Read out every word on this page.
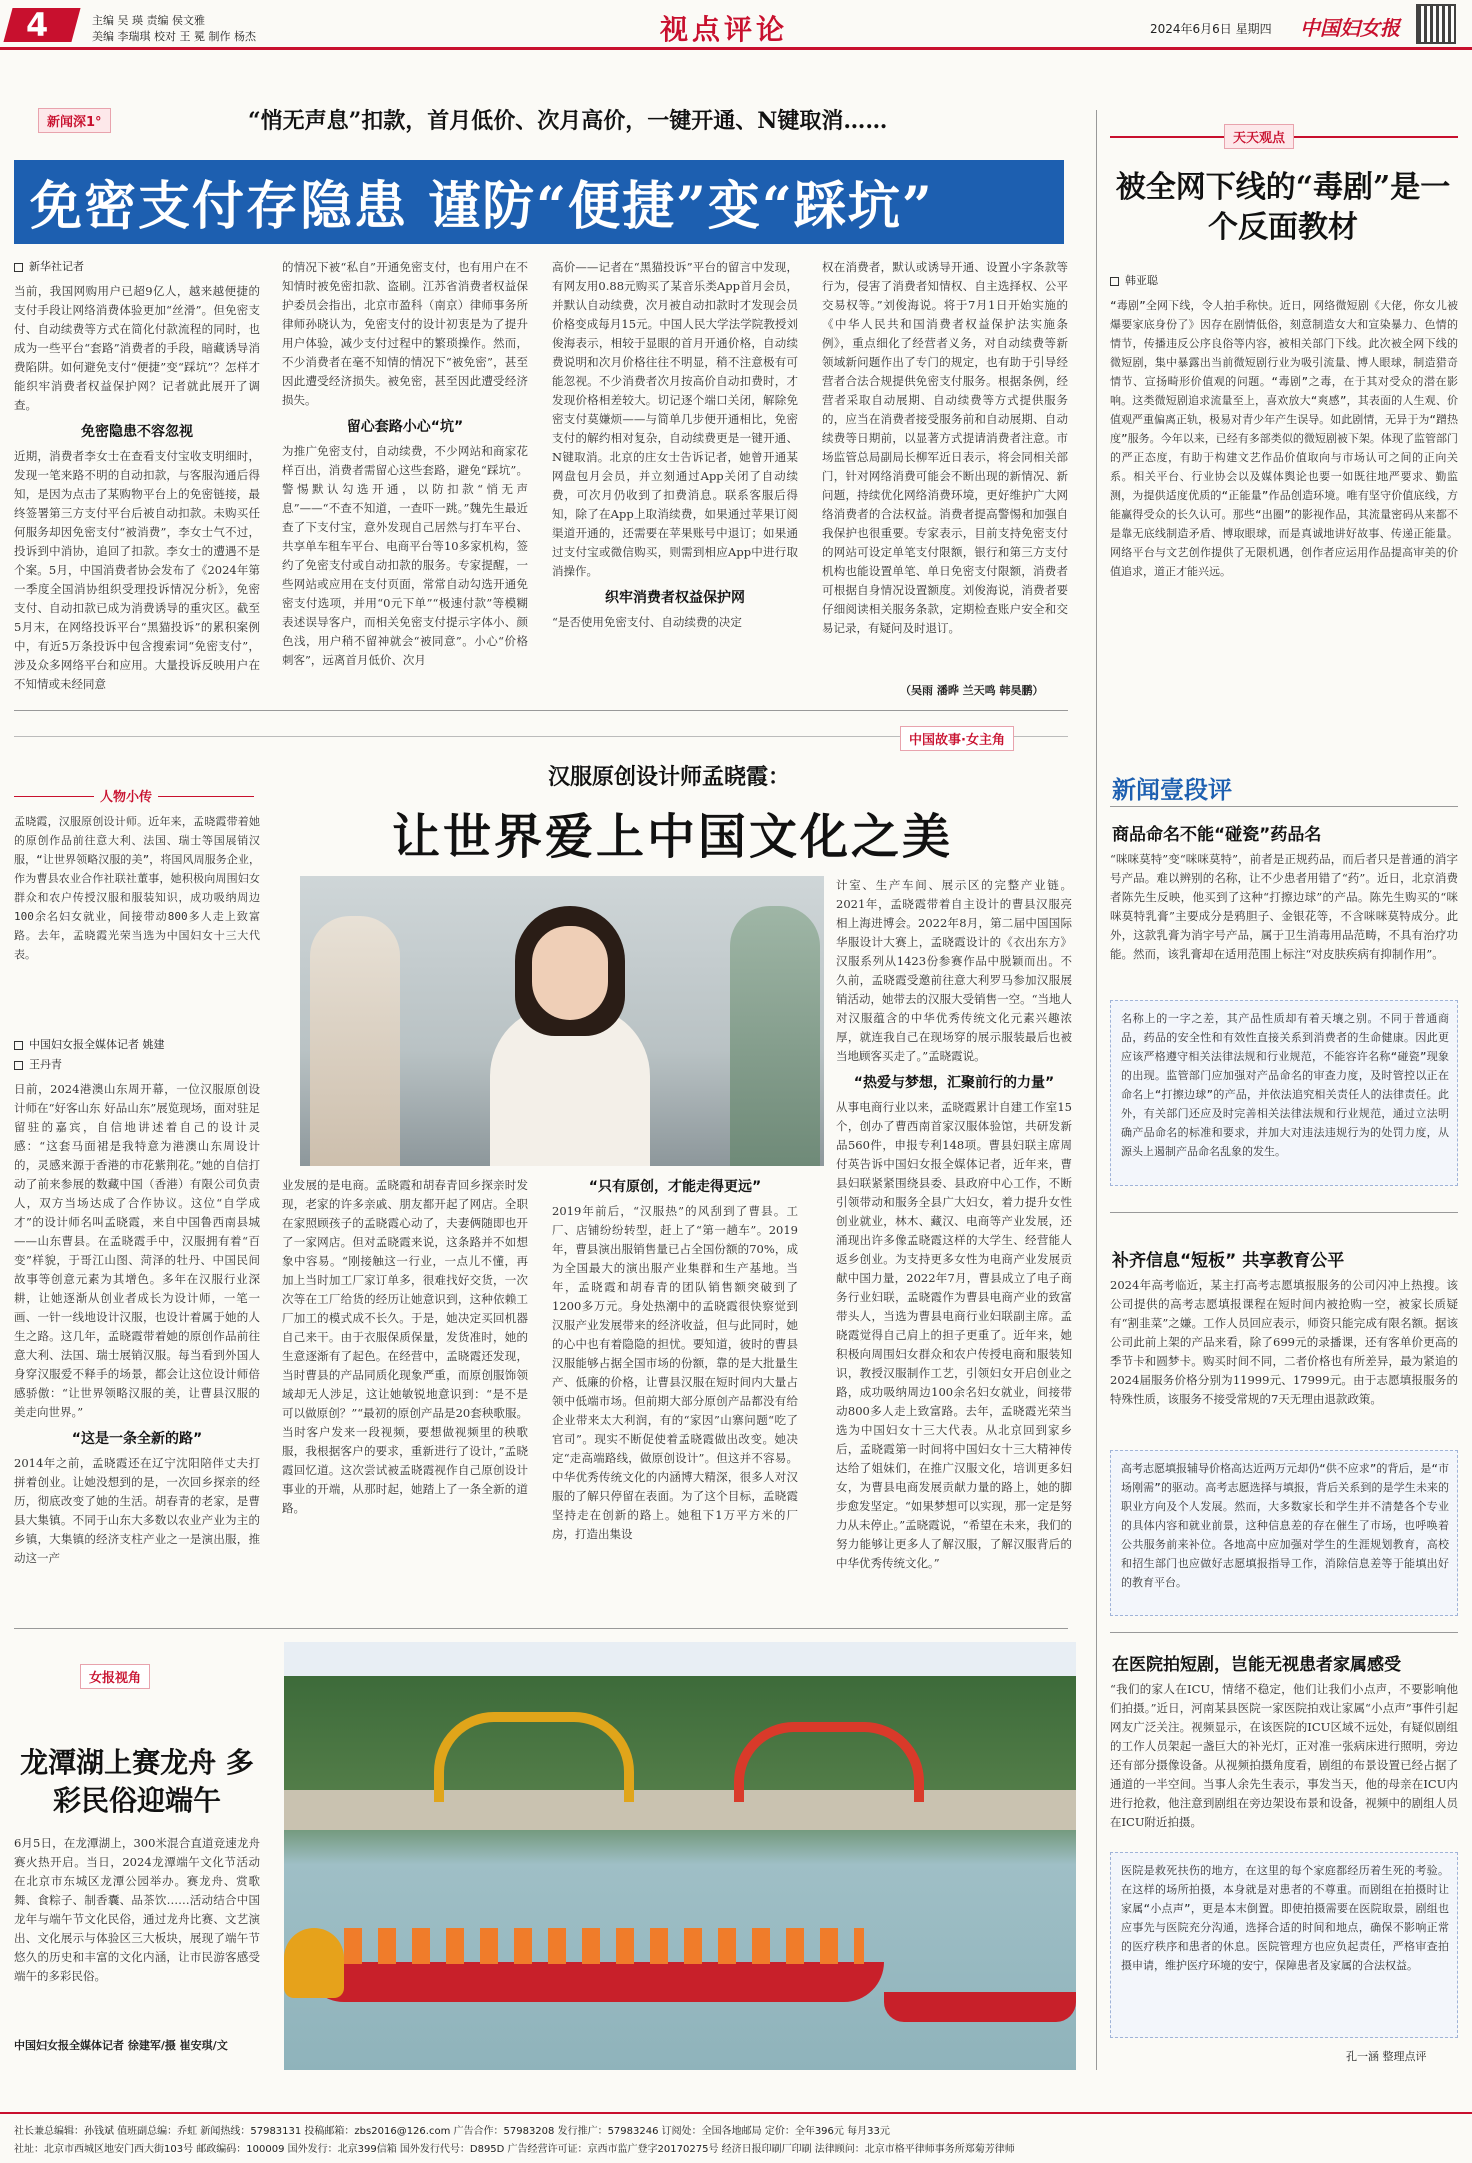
4	主编 吴 瑛 责编 侯文雅
美编 李瑞琪 校对 王 冕 制作 杨杰	视点评论	2024年6月6日 星期四 中国妇女报
新闻深1°	“悄无声息”扣款，首月低价、次月高价，一键开通、N键取消……
免密支付存隐患 谨防“便捷”变“踩坑”
新华社记者
当前，我国网购用户已超9亿人，越来越便捷的支付手段让网络消费体验更加“丝滑”。但免密支付、自动续费等方式在简化付款流程的同时，也成为一些平台“套路”消费者的手段，暗藏诱导消费陷阱。如何避免支付“便捷”变“踩坑”？怎样才能织牢消费者权益保护网？记者就此展开了调查。
免密隐患不容忽视
近期，消费者李女士在查看支付宝收支明细时，发现一笔来路不明的自动扣款，与客服沟通后得知，是因为点击了某购物平台上的免密链接，最终签署第三方支付平台后被自动扣款。未购买任何服务却因免密支付“被消费”，李女士气不过，投诉到中消协，追回了扣款。李女士的遭遇不是个案。5月，中国消费者协会发布了《2024年第一季度全国消协组织受理投诉情况分析》，免密支付、自动扣款已成为消费诱导的重灾区。截至5月末，在网络投诉平台“黑猫投诉”的累积案例中，有近5万条投诉中包含搜索词“免密支付”，涉及众多网络平台和应用。大量投诉反映用户在不知情或未经同意
的情况下被“私自”开通免密支付，也有用户在不知情时被免密扣款、盗刷。江苏省消费者权益保护委员会指出，北京市盈科（南京）律师事务所律师孙晓认为，免密支付的设计初衷是为了提升用户体验，减少支付过程中的繁琐操作。然而，不少消费者在毫不知情的情况下“被免密”，甚至因此遭受经济损失。被免密，甚至因此遭受经济损失。
留心套路小心“坑”
为推广免密支付，自动续费，不少网站和商家花样百出，消费者需留心这些套路，避免“踩坑”。警惕默认勾选开通，以防扣款“悄无声息”——“不查不知道，一查吓一跳。”魏先生最近查了下支付宝，意外发现自己居然与打车平台、共享单车租车平台、电商平台等10多家机构，签约了免密支付或自动扣款的服务。专家提醒，一些网站或应用在支付页面，常常自动勾选开通免密支付选项，并用“0元下单”“极速付款”等模糊表述误导客户，而相关免密支付提示字体小、颜色浅，用户稍不留神就会“被同意”。小心“价格刺客”，远离首月低价、次月
高价——记者在“黑猫投诉”平台的留言中发现，有网友用0.88元购买了某音乐类App首月会员，并默认自动续费，次月被自动扣款时才发现会员价格变成每月15元。中国人民大学法学院教授刘俊海表示，相较于显眼的首月开通价格，自动续费说明和次月价格往往不明显，稍不注意极有可能忽视。不少消费者次月按高价自动扣费时，才发现价格相差较大。切记逐个端口关闭，解除免密支付莫嫌烦——与简单几步便开通相比，免密支付的解约相对复杂，自动续费更是一键开通、N键取消。北京的庄女士告诉记者，她曾开通某网盘包月会员，并立刻通过App关闭了自动续费，可次月仍收到了扣费消息。联系客服后得知，除了在App上取消续费，如果通过苹果订阅渠道开通的，还需要在苹果账号中退订；如果通过支付宝或微信购买，则需到相应App中进行取消操作。
织牢消费者权益保护网
“是否使用免密支付、自动续费的决定
权在消费者，默认或诱导开通、设置小字条款等行为，侵害了消费者知情权、自主选择权、公平交易权等。”刘俊海说。将于7月1日开始实施的《中华人民共和国消费者权益保护法实施条例》，重点细化了经营者义务，对自动续费等新领域新问题作出了专门的规定，也有助于引导经营者合法合规提供免密支付服务。根据条例，经营者采取自动展期、自动续费等方式提供服务的，应当在消费者接受服务前和自动展期、自动续费等日期前，以显著方式提请消费者注意。市场监管总局副局长柳军近日表示，将会同相关部门，针对网络消费可能会不断出现的新情况、新问题，持续优化网络消费环境，更好维护广大网络消费者的合法权益。消费者提高警惕和加强自我保护也很重要。专家表示，目前支持免密支付的网站可设定单笔支付限额，银行和第三方支付机构也能设置单笔、单日免密支付限额，消费者可根据自身情况设置额度。刘俊海说，消费者要仔细阅读相关服务条款，定期检查账户安全和交易记录，有疑问及时退订。
（吴雨 潘晔 兰天鸣 韩昊鹏）
天天观点
被全网下线的“毒剧”是一个反面教材
韩亚聪
“毒剧”全网下线，令人拍手称快。近日，网络微短剧《大佬，你女儿被爆要家底身份了》因存在剧情低俗，刻意制造女大和宣染暴力、色情的情节，传播违反公序良俗等内容，被相关部门下线。此次被全网下线的微短剧，集中暴露出当前微短剧行业为吸引流量、博人眼球，制造猎奇情节、宣扬畸形价值观的问题。“毒剧”之毒，在于其对受众的潜在影响。这类微短剧追求流量至上，喜欢放大“爽感”，其表面的人生观、价值观严重偏离正轨，极易对青少年产生误导。如此剧情，无异于为“蹭热度”服务。今年以来，已经有多部类似的微短剧被下架。体现了监管部门的严正态度，有助于构建文艺作品价值取向与市场认可之间的正向关系。相关平台、行业协会以及媒体舆论也要一如既往地严要求、勤监测，为提供适度优质的“正能量”作品创造环境。唯有坚守价值底线，方能赢得受众的长久认可。那些“出圈”的影视作品，其流量密码从来都不是靠无底线制造矛盾、博取眼球，而是真诚地讲好故事、传递正能量。网络平台与文艺创作提供了无限机遇，创作者应运用作品提高审美的价值追求，道正才能兴远。
中国故事·女主角
汉服原创设计师孟晓霞：
让世界爱上中国文化之美
人物小传
孟晓霞，汉服原创设计师。近年来，孟晓霞带着她的原创作品前往意大利、法国、瑞士等国展销汉服，“让世界领略汉服的美”，将国风周服务企业，作为曹县农业合作社联社董事，她积极向周围妇女群众和农户传授汉服和服装知识，成功吸纳周边100余名妇女就业，间接带动800多人走上致富路。去年，孟晓霞光荣当选为中国妇女十三大代表。
中国妇女报全媒体记者 姚建
王丹青
日前，2024港澳山东周开幕，一位汉服原创设计师在“好客山东 好品山东”展览现场，面对驻足留驻的嘉宾，自信地讲述着自己的设计灵感：“这套马面裙是我特意为港澳山东周设计的，灵感来源于香港的市花紫荆花。”她的自信打动了前来参展的数藏中国（香港）有限公司负责人，双方当场达成了合作协议。这位“自学成才”的设计师名叫孟晓霞，来自中国鲁西南县城——山东曹县。在孟晓霞手中，汉服拥有着“百变”样貌，于哥江山图、菏泽的牡丹、中国民间故事等创意元素为其增色。多年在汉服行业深耕，让她逐渐从创业者成长为设计师，一笔一画、一针一线地设计汉服，也设计着属于她的人生之路。这几年，孟晓霞带着她的原创作品前往意大利、法国、瑞士展销汉服。每当看到外国人身穿汉服爱不释手的场景，都会让这位设计师倍感骄傲：“让世界领略汉服的美，让曹县汉服的美走向世界。”
“这是一条全新的路”
2014年之前，孟晓霞还在辽宁沈阳陪伴丈夫打拼着创业。让她没想到的是，一次回乡探亲的经历，彻底改变了她的生活。胡春青的老家，是曹县大集镇。不同于山东大多数以农业产业为主的乡镇，大集镇的经济支柱产业之一是演出服，推动这一产
业发展的是电商。孟晓霞和胡春青回乡探亲时发现，老家的许多亲戚、朋友都开起了网店。全职在家照顾孩子的孟晓霞心动了，夫妻俩随即也开了一家网店。但对孟晓霞来说，这条路并不如想象中容易。“刚接触这一行业，一点儿不懂，再加上当时加工厂家订单多，很难找好交货，一次次等在工厂给货的经历让她意识到，这种依赖工厂加工的模式成不长久。于是，她决定买回机器自己来干。由于衣服保质保量，发货准时，她的生意逐渐有了起色。在经营中，孟晓霞还发现，当时曹县的产品同质化现象严重，而原创服饰领域却无人涉足，这让她敏锐地意识到：“是不是可以做原创？”“最初的原创产品是20套秧歌服。当时客户发来一段视频，要想做视频里的秧歌服，我根据客户的要求，重新进行了设计，”孟晓霞回忆道。这次尝试被孟晓霞视作自己原创设计事业的开端，从那时起，她踏上了一条全新的道路。
“只有原创，才能走得更远”
2019年前后，“汉服热”的风刮到了曹县。工厂、店铺纷纷转型，赶上了“第一趟车”。2019年，曹县演出服销售量已占全国份额的70%，成为全国最大的演出服产业集群和生产基地。当年，孟晓霞和胡春青的团队销售额突破到了1200多万元。身处热潮中的孟晓霞很快察觉到汉服产业发展带来的经济收益，但与此同时，她的心中也有着隐隐的担忧。要知道，彼时的曹县汉服能够占据全国市场的份额，靠的是大批量生产、低廉的价格，让曹县汉服在短时间内大量占领中低端市场。但前期大部分原创产品都没有给企业带来太大利润，有的“家因”山寨问题“吃了官司”。现实不断促使着孟晓霞做出改变。她决定“走高端路线，做原创设计”。但这并不容易。中华优秀传统文化的内涵博大精深，很多人对汉服的了解只停留在表面。为了这个目标，孟晓霞坚持走在创新的路上。她租下1万平方米的厂房，打造出集设
计室、生产车间、展示区的完整产业链。2021年，孟晓霞带着自主设计的曹县汉服亮相上海进博会。2022年8月，第二届中国国际华服设计大赛上，孟晓霞设计的《衣出东方》汉服系列从1423份参赛作品中脱颖而出。不久前，孟晓霞受邀前往意大利罗马参加汉服展销活动，她带去的汉服大受销售一空。“当地人对汉服蕴含的中华优秀传统文化元素兴趣浓厚，就连我自己在现场穿的展示服装最后也被当地顾客买走了。”孟晓霞说。
“热爱与梦想，汇聚前行的力量”
从事电商行业以来，孟晓霞累计自建工作室15个，创办了曹西南首家汉服体验馆，共研发新品560件，申报专利148项。曹县妇联主席周付英告诉中国妇女报全媒体记者，近年来，曹县妇联紧紧围绕县委、县政府中心工作，不断引领带动和服务全县广大妇女，着力提升女性创业就业，林木、藏汉、电商等产业发展，还涌现出许多像孟晓霞这样的大学生、经营能人返乡创业。为支持更多女性为电商产业发展贡献中国力量，2022年7月，曹县成立了电子商务行业妇联，孟晓霞作为曹县电商产业的致富带头人，当选为曹县电商行业妇联副主席。孟晓霞觉得自己肩上的担子更重了。近年来，她积极向周围妇女群众和农户传授电商和服装知识，教授汉服制作工艺，引领妇女开启创业之路，成功吸纳周边100余名妇女就业，间接带动800多人走上致富路。去年，孟晓霞光荣当选为中国妇女十三大代表。从北京回到家乡后，孟晓霞第一时间将中国妇女十三大精神传达给了姐妹们，在推广汉服文化，培训更多妇女，为曹县电商发展贡献力量的路上，她的脚步愈发坚定。“如果梦想可以实现，那一定是努力从未停止。”孟晓霞说，“希望在未来，我们的努力能够让更多人了解汉服，了解汉服背后的中华优秀传统文化。”
新闻壹段评
商品命名不能“碰瓷”药品名
“咪咪莫特”变“咪咪莫特”，前者是正规药品，而后者只是普通的消字号产品。难以辨别的名称，让不少患者用错了“药”。近日，北京消费者陈先生反映，他买到了这种“打擦边球”的产品。陈先生购买的“咪咪莫特乳膏”主要成分是鸦胆子、金银花等，不含咪咪莫特成分。此外，这款乳膏为消字号产品，属于卫生消毒用品范畴，不具有治疗功能。然而，该乳膏却在适用范围上标注“对皮肤疾病有抑制作用”。
名称上的一字之差，其产品性质却有着天壤之别。不同于普通商品，药品的安全性和有效性直接关系到消费者的生命健康。因此更应该严格遵守相关法律法规和行业规范，不能容许名称“碰瓷”现象的出现。监管部门应加强对产品命名的审查力度，及时管控以正在命名上“打擦边球”的产品，并依法追究相关责任人的法律责任。此外，有关部门还应及时完善相关法律法规和行业规范，通过立法明确产品命名的标准和要求，并加大对违法违规行为的处罚力度，从源头上遏制产品命名乱象的发生。
补齐信息“短板” 共享教育公平
2024年高考临近，某主打高考志愿填报服务的公司闪冲上热搜。该公司提供的高考志愿填报课程在短时间内被抢购一空，被家长质疑有“割韭菜”之嫌。工作人员回应表示，师资只能完成有限名额。据该公司此前上架的产品来看，除了699元的录播课，还有客单价更高的季节卡和圆梦卡。购买时间不同，二者价格也有所差异，最为紧追的2024届服务价格分别为11999元、17999元。由于志愿填报服务的特殊性质，该服务不接受常规的7天无理由退款政策。
高考志愿填报辅导价格高达近两万元却仍“供不应求”的背后，是“市场刚需”的驱动。高考志愿选择与填报，背后关系到的是学生未来的职业方向及个人发展。然而，大多数家长和学生并不清楚各个专业的具体内容和就业前景，这种信息差的存在催生了市场，也呼唤着公共服务前来补位。各地高中应加强对学生的生涯规划教育，高校和招生部门也应做好志愿填报指导工作，消除信息差等于能填出好的教育平台。
在医院拍短剧，岂能无视患者家属感受
“我们的家人在ICU，情绪不稳定，他们让我们小点声，不要影响他们拍摄。”近日，河南某县医院一家医院拍戏让家属“小点声”事件引起网友广泛关注。视频显示，在该医院的ICU区域不远处，有疑似剧组的工作人员架起一盏巨大的补光灯，正对准一张病床进行照明，旁边还有部分摄像设备。从视频拍摄角度看，剧组的布景设置已经占据了通道的一半空间。当事人余先生表示，事发当天，他的母亲在ICU内进行抢救，他注意到剧组在旁边架设布景和设备，视频中的剧组人员在ICU附近拍摄。
医院是救死扶伤的地方，在这里的每个家庭都经历着生死的考验。在这样的场所拍摄，本身就是对患者的不尊重。而剧组在拍摄时让家属“小点声”，更是本末倒置。即使拍摄需要在医院取景，剧组也应事先与医院充分沟通，选择合适的时间和地点，确保不影响正常的医疗秩序和患者的休息。医院管理方也应负起责任，严格审查拍摄申请，维护医疗环境的安宁，保障患者及家属的合法权益。
孔一涵 整理点评
女报视角
龙潭湖上赛龙舟 多彩民俗迎端午
6月5日，在龙潭湖上，300米混合直道竞速龙舟赛火热开启。当日，2024龙潭端午文化节活动在北京市东城区龙潭公园举办。赛龙舟、赏歌舞、食粽子、制香囊、品茶饮……活动结合中国龙年与端午节文化民俗，通过龙舟比赛、文艺演出、文化展示与体验区三大板块，展现了端午节悠久的历史和丰富的文化内涵，让市民游客感受端午的多彩民俗。
中国妇女报全媒体记者 徐建军/摄 崔安琪/文
社长兼总编辑：孙钱斌 值班副总编：乔虹 新闻热线：57983131 投稿邮箱：zbs2016@126.com 广告合作：57983208 发行推广：57983246 订阅处：全国各地邮局 定价：全年396元 每月33元
社址：北京市西城区地安门西大街103号 邮政编码：100009 国外发行：北京399信箱 国外发行代号：D895D 广告经营许可证：京西市监广登字20170275号 经济日报印刷厂印刷 法律顾问：北京市格平律师事务所郑菊芳律师
